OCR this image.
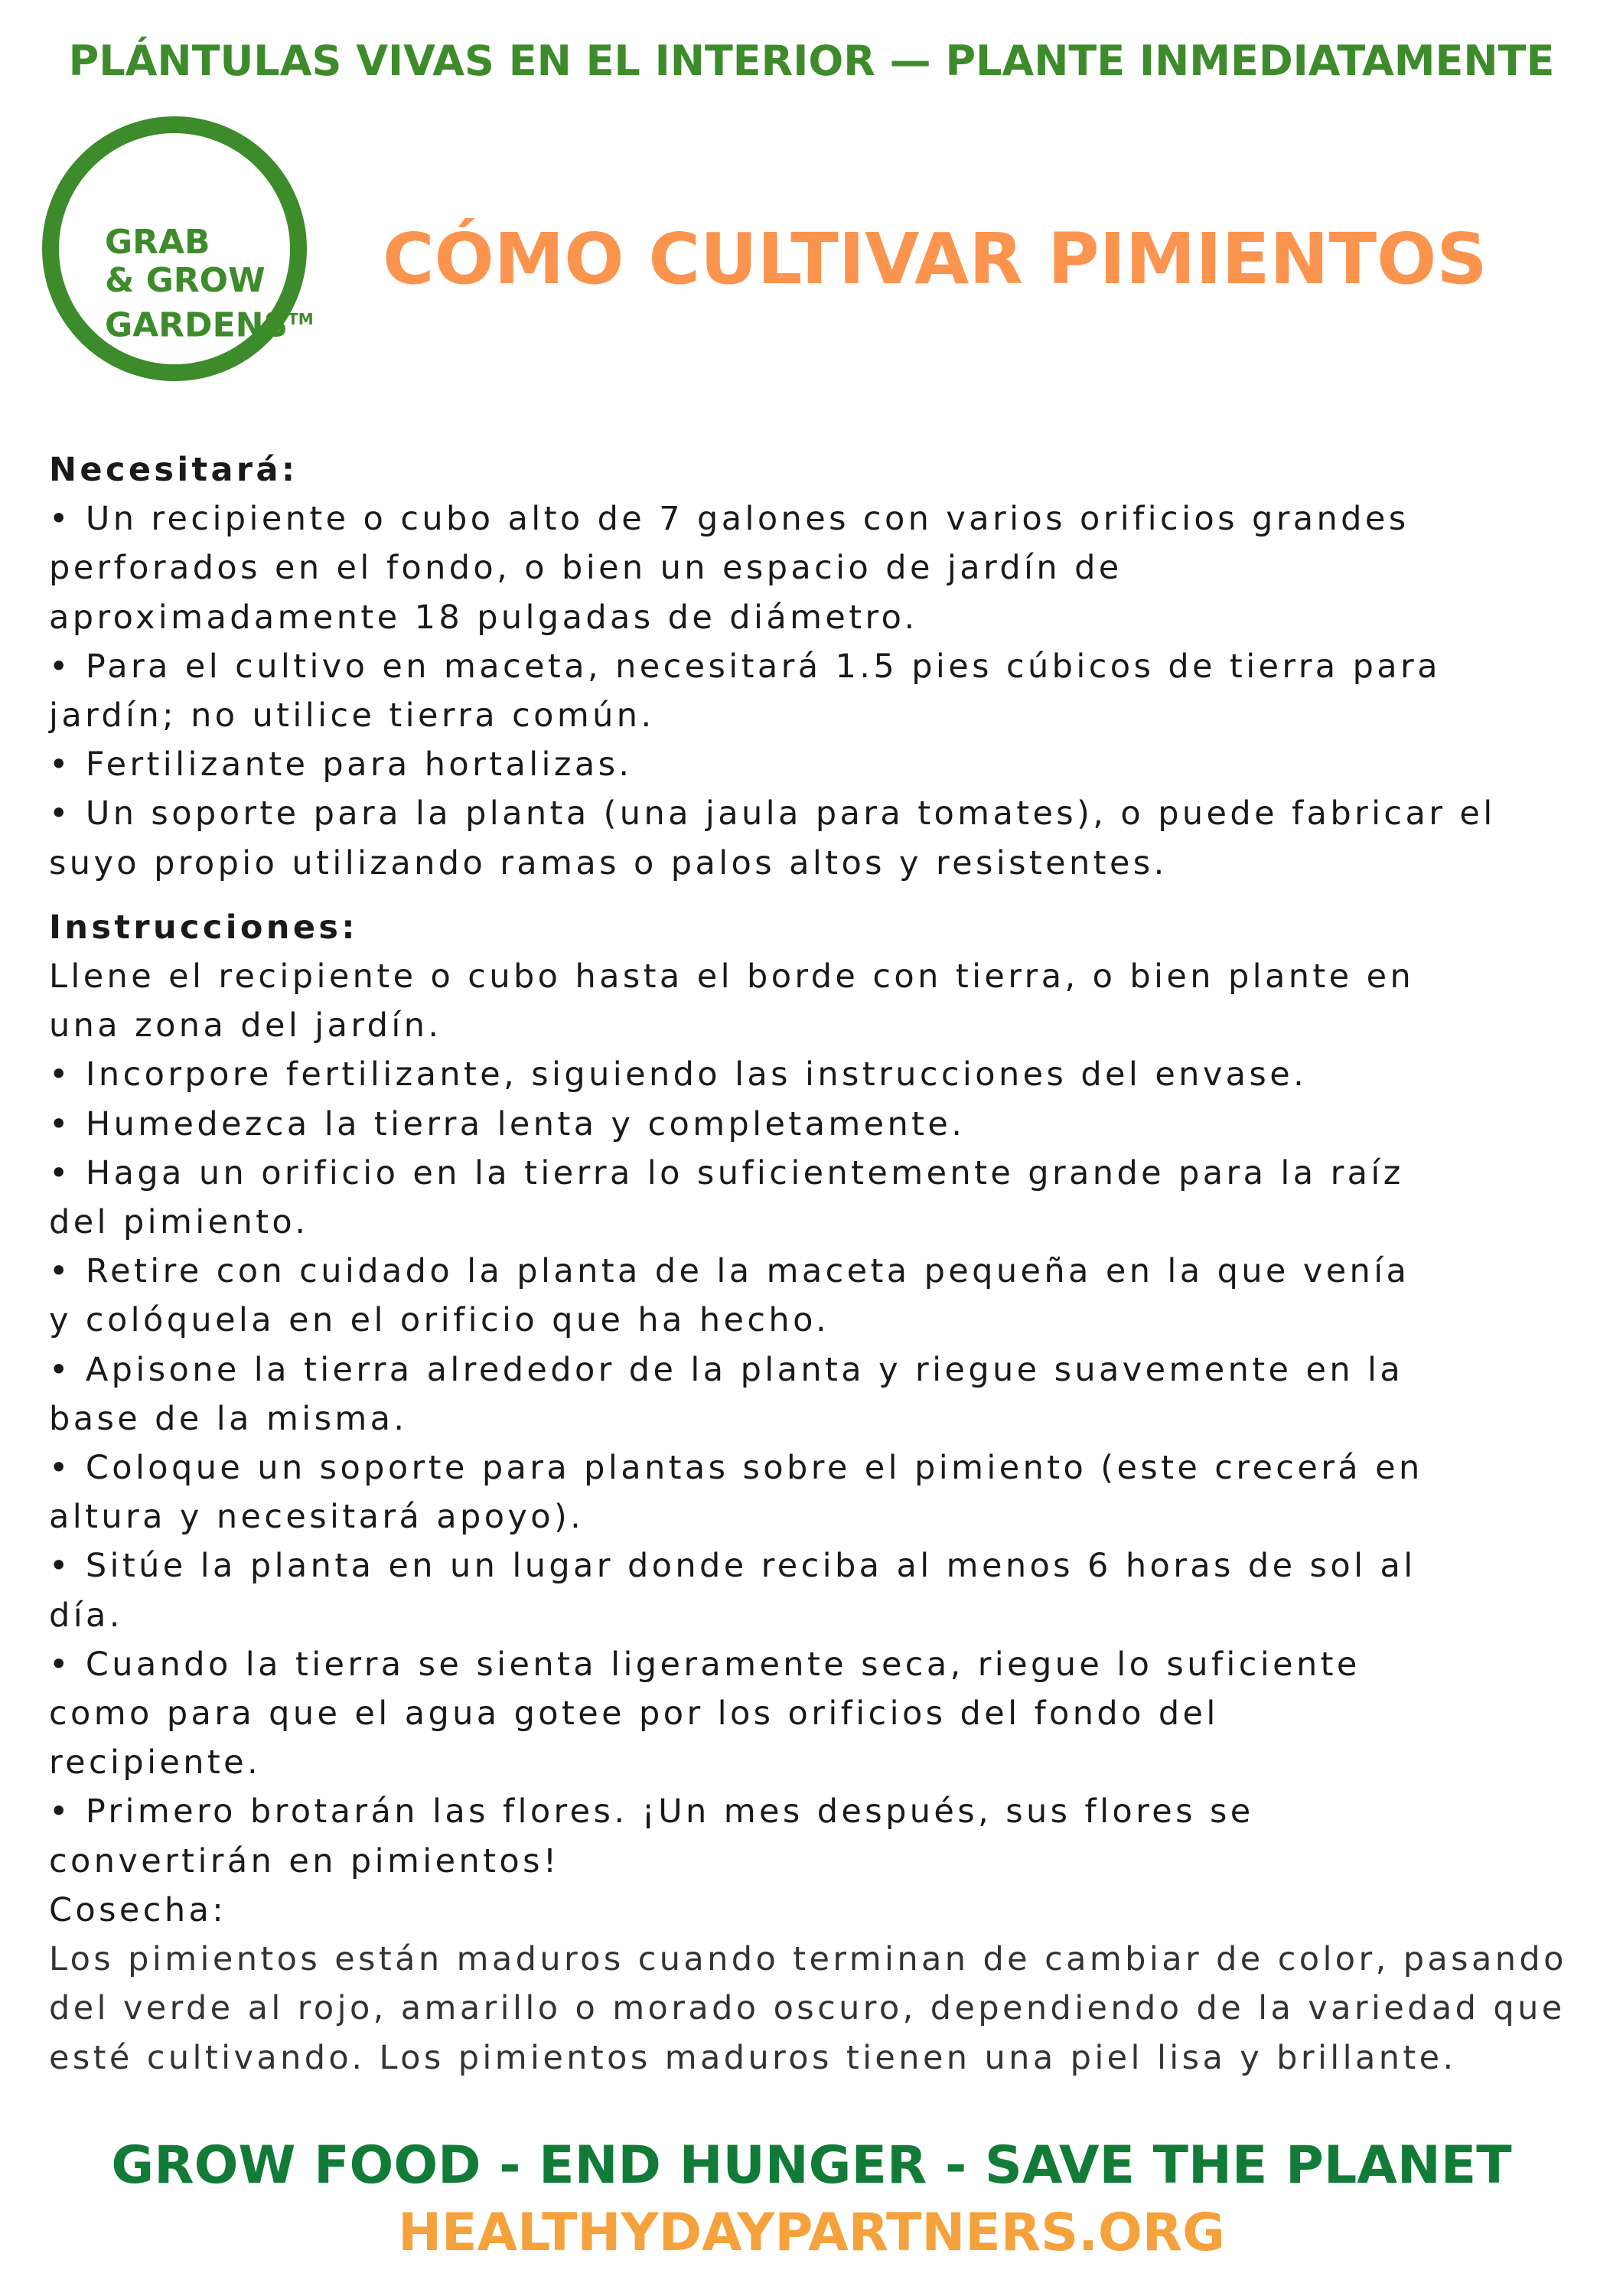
PLÁNTULAS VIVAS EN EL INTERIOR — PLANTE INMEDIATAMENTE
GRAB
& GROW
GARDENS™
CÓMO CULTIVAR PIMIENTOS
Necesitará:
• Un recipiente o cubo alto de 7 galones con varios orificios grandes
perforados en el fondo, o bien un espacio de jardín de
aproximadamente 18 pulgadas de diámetro.
• Para el cultivo en maceta, necesitará 1.5 pies cúbicos de tierra para
jardín; no utilice tierra común.
• Fertilizante para hortalizas.
• Un soporte para la planta (una jaula para tomates), o puede fabricar el
suyo propio utilizando ramas o palos altos y resistentes.
Instrucciones:
Llene el recipiente o cubo hasta el borde con tierra, o bien plante en
una zona del jardín.
• Incorpore fertilizante, siguiendo las instrucciones del envase.
• Humedezca la tierra lenta y completamente.
• Haga un orificio en la tierra lo suficientemente grande para la raíz
del pimiento.
• Retire con cuidado la planta de la maceta pequeña en la que venía
y colóquela en el orificio que ha hecho.
• Apisone la tierra alrededor de la planta y riegue suavemente en la
base de la misma.
• Coloque un soporte para plantas sobre el pimiento (este crecerá en
altura y necesitará apoyo).
• Sitúe la planta en un lugar donde reciba al menos 6 horas de sol al
día.
• Cuando la tierra se sienta ligeramente seca, riegue lo suficiente
como para que el agua gotee por los orificios del fondo del
recipiente.
• Primero brotarán las flores. ¡Un mes después, sus flores se
convertirán en pimientos!
Cosecha:
Los pimientos están maduros cuando terminan de cambiar de color, pasando
del verde al rojo, amarillo o morado oscuro, dependiendo de la variedad que
esté cultivando. Los pimientos maduros tienen una piel lisa y brillante.
GROW FOOD - END HUNGER - SAVE THE PLANET
HEALTHYDAYPARTNERS.ORG
